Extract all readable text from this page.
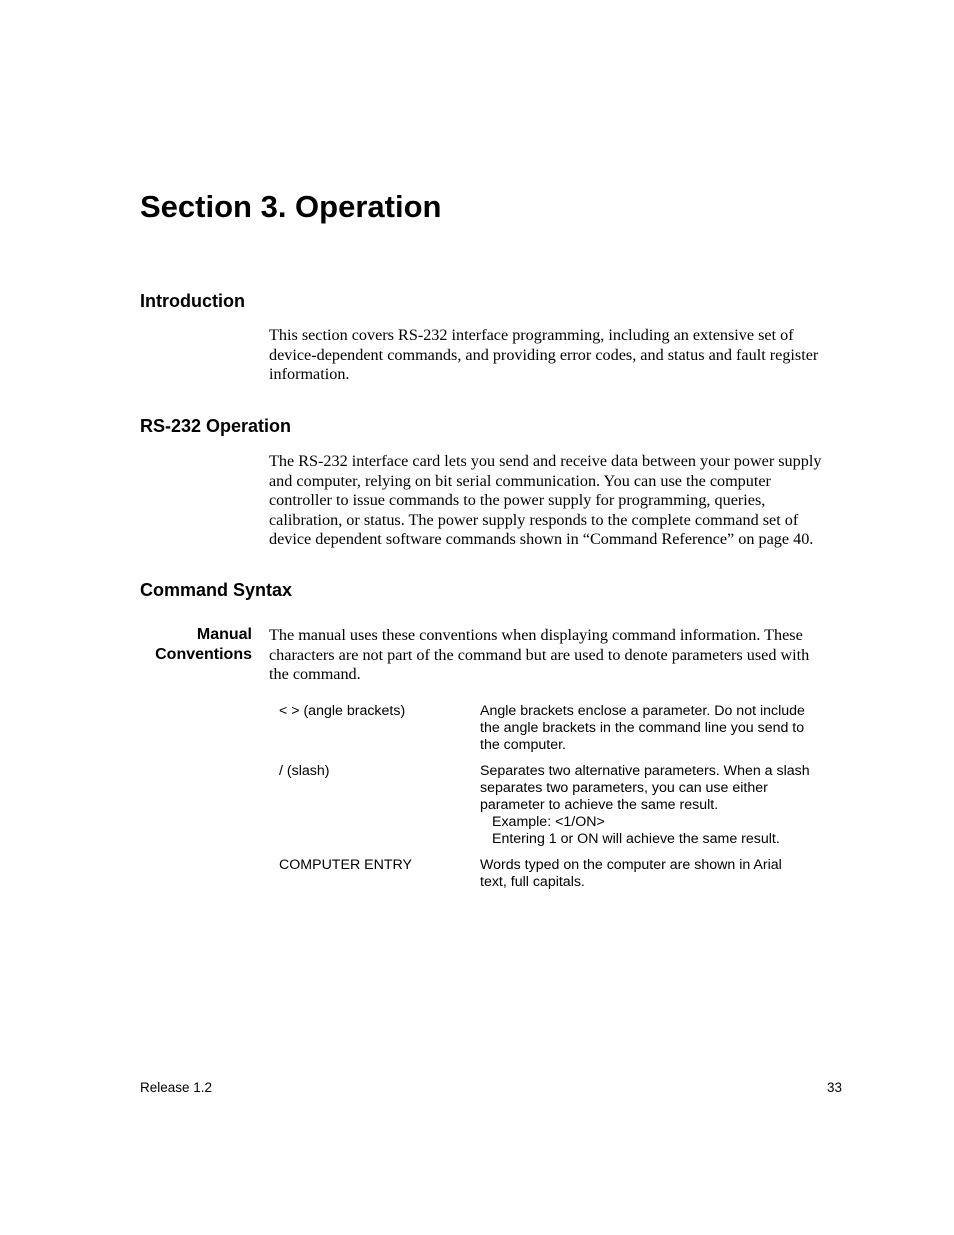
Section 3. Operation
Introduction
This section covers RS-232 interface programming, including an extensive set of
device-dependent commands, and providing error codes, and status and fault register
information.
RS-232 Operation
The RS-232 interface card lets you send and receive data between your power supply
and computer, relying on bit serial communication. You can use the computer
controller to issue commands to the power supply for programming, queries,
calibration, or status. The power supply responds to the complete command set of
device dependent software commands shown in “Command Reference” on page 40.
Command Syntax
Manual
Conventions
The manual uses these conventions when displaying command information. These
characters are not part of the command but are used to denote parameters used with
the command.
< > (angle brackets)	Angle brackets enclose a parameter. Do not include
the angle brackets in the command line you send to
the computer.
/ (slash)	Separates two alternative parameters. When a slash
separates two parameters, you can use either
parameter to achieve the same result.
Example: <1/ON>
Entering 1 or ON will achieve the same result.
COMPUTER ENTRY	Words typed on the computer are shown in Arial
text, full capitals.
Release 1.2	33
